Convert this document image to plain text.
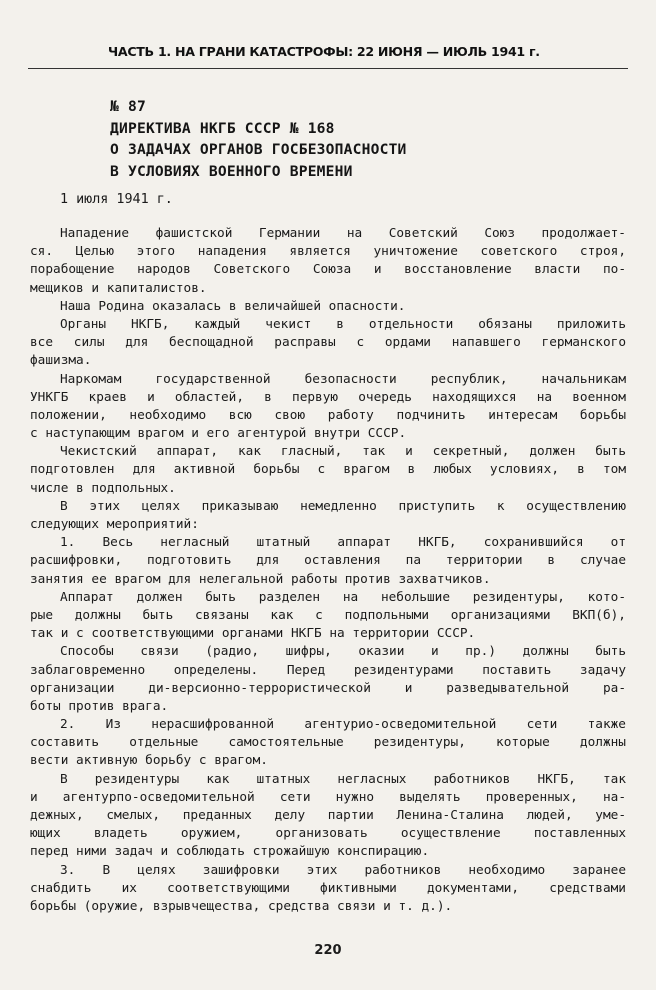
ЧАСТЬ 1. НА ГРАНИ КАТАСТРОФЫ: 22 ИЮНЯ — ИЮЛЬ 1941 г.
№ 87
ДИРЕКТИВА НКГБ СССР № 168
О ЗАДАЧАХ ОРГАНОВ ГОСБЕЗОПАСНОСТИ
В УСЛОВИЯХ ВОЕННОГО ВРЕМЕНИ
1 июля 1941 г.
Нападение фашистской Германии на Советский Союз продолжает-
ся. Целью этого нападения является уничтожение советского строя,
порабощение народов Советского Союза и восстановление власти по-
мещиков и капиталистов.
Наша Родина оказалась в величайшей опасности.
Органы НКГБ, каждый чекист в отдельности обязаны приложить
все силы для беспощадной расправы с ордами напавшего германского
фашизма.
Наркомам государственной безопасности республик, начальникам
УНКГБ краев и областей, в первую очередь находящихся на военном
положении, необходимо всю свою работу подчинить интересам борьбы
с наступающим врагом и его агентурой внутри СССР.
Чекистский аппарат, как гласный, так и секретный, должен быть
подготовлен для активной борьбы с врагом в любых условиях, в том
числе в подпольных.
В этих целях приказываю немедленно приступить к осуществлению
следующих мероприятий:
1. Весь негласный штатный аппарат НКГБ, сохранившийся от
расшифровки, подготовить для оставления па территории в случае
занятия ее врагом для нелегальной работы против захватчиков.
Аппарат должен быть разделен на небольшие резидентуры, кото-
рые должны быть связаны как с подпольными организациями ВКП(б),
так и с соответствующими органами НКГБ на территории СССР.
Способы связи (радио, шифры, оказии и пр.) должны быть
заблаговременно определены. Перед резидентурами поставить задачу
организации ди-версионно-террористической и разведывательной ра-
боты против врага.
2. Из нерасшифрованной агентурио-осведомительной сети также
составить отдельные самостоятельные резидентуры, которые должны
вести активную борьбу с врагом.
В резидентуры как штатных негласных работников НКГБ, так
и агентурпо-осведомительной сети нужно выделять проверенных, на-
дежных, смелых, преданных делу партии Ленина-Сталина людей, уме-
ющих владеть оружием, организовать осуществление поставленных
перед ними задач и соблюдать строжайшую конспирацию.
3. В целях зашифровки этих работников необходимо заранее
снабдить их соответствующими фиктивными документами, средствами
борьбы (оружие, взрывчещества, средства связи и т. д.).
220
